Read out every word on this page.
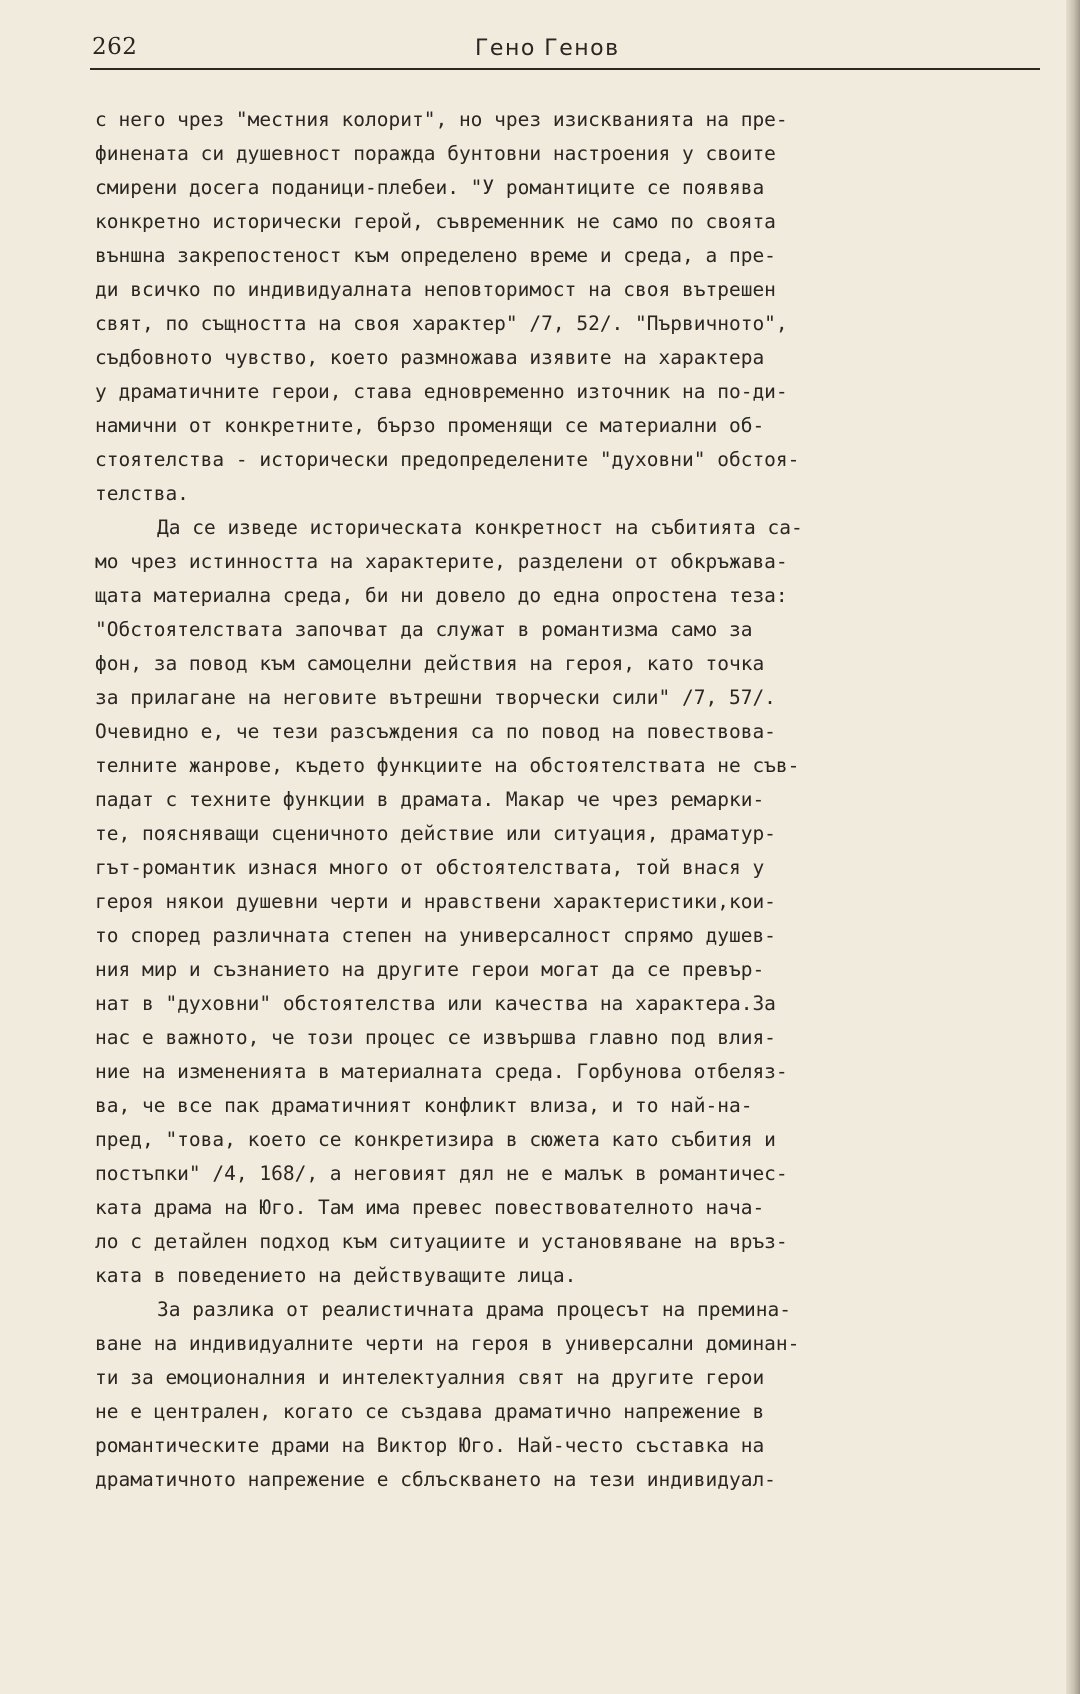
262	Гено Генов
с него чрез "местния колорит", но чрез изискванията на пре-
финената си душевност поражда бунтовни настроения у своите
смирени досега поданици-плебеи. "У романтиците се появява
конкретно исторически герой, съвременник не само по своята
външна закрепостеност към определено време и среда, а пре-
ди всичко по индивидуалната неповторимост на своя вътрешен
свят, по същността на своя характер" /7, 52/. "Първичното",
съдбовното чувство, което размножава изявите на характера
у драматичните герои, става едновременно източник на по-ди-
намични от конкретните, бързо променящи се материални об-
стоятелства - исторически предопределените "духовни" обстоя-
телства.
Да се изведе историческата конкретност на събитията са-
мо чрез истинността на характерите, разделени от обкръжава-
щата материална среда, би ни довело до една опростена теза:
"Обстоятелствата започват да служат в романтизма само за
фон, за повод към самоцелни действия на героя, като точка
за прилагане на неговите вътрешни творчески сили" /7, 57/.
Очевидно е, че тези разсъждения са по повод на повествова-
телните жанрове, където функциите на обстоятелствата не съв-
падат с техните функции в драмата. Макар че чрез ремарки-
те, поясняващи сценичното действие или ситуация, драматур-
гът-романтик изнася много от обстоятелствата, той внася у
героя някои душевни черти и нравствени характеристики,кои-
то според различната степен на универсалност спрямо душев-
ния мир и съзнанието на другите герои могат да се превър-
нат в "духовни" обстоятелства или качества на характера.За
нас е важното, че този процес се извършва главно под влия-
ние на измененията в материалната среда. Горбунова отбеляз-
ва, че все пак драматичният конфликт влиза, и то най-на-
пред, "това, което се конкретизира в сюжета като събития и
постъпки" /4, 168/, а неговият дял не е малък в романтичес-
ката драма на Юго. Там има превес повествователното нача-
ло с детайлен подход към ситуациите и установяване на връз-
ката в поведението на действуващите лица.
За разлика от реалистичната драма процесът на премина-
ване на индивидуалните черти на героя в универсални доминан-
ти за емоционалния и интелектуалния свят на другите герои
не е централен, когато се създава драматично напрежение в
романтическите драми на Виктор Юго. Най-често съставка на
драматичното напрежение е сблъскването на тези индивидуал-
